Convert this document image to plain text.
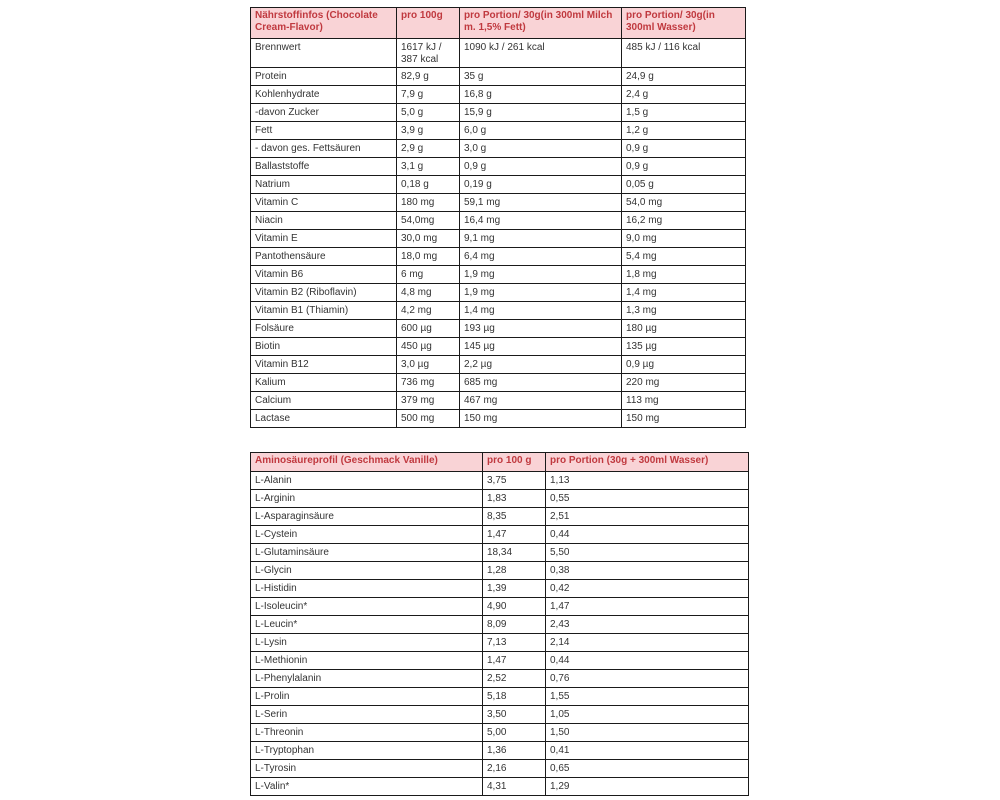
Nährstoffinfos (Chocolate Cream-Flavor)	pro 100g	pro Portion/ 30g(in 300ml Milch m. 1,5% Fett)	pro Portion/ 30g(in 300ml Wasser)
Brennwert	1617 kJ / 387 kcal	1090 kJ / 261 kcal	485 kJ / 116 kcal
Protein	82,9 g	35 g	24,9 g
Kohlenhydrate	7,9 g	16,8 g	2,4 g
-davon Zucker	5,0 g	15,9 g	1,5 g
Fett	3,9 g	6,0 g	1,2 g
- davon ges. Fettsäuren	2,9 g	3,0 g	0,9 g
Ballaststoffe	3,1 g	0,9 g	0,9 g
Natrium	0,18 g	0,19 g	0,05 g
Vitamin C	180 mg	59,1 mg	54,0 mg
Niacin	54,0mg	16,4 mg	16,2 mg
Vitamin E	30,0 mg	9,1 mg	9,0 mg
Pantothensäure	18,0 mg	6,4 mg	5,4 mg
Vitamin B6	6 mg	1,9 mg	1,8 mg
Vitamin B2 (Riboflavin)	4,8 mg	1,9 mg	1,4 mg
Vitamin B1 (Thiamin)	4,2 mg	1,4 mg	1,3 mg
Folsäure	600 µg	193 µg	180 µg
Biotin	450 µg	145 µg	135 µg
Vitamin B12	3,0 µg	2,2 µg	0,9 µg
Kalium	736 mg	685 mg	220 mg
Calcium	379 mg	467 mg	113 mg
Lactase	500 mg	150 mg	150 mg
Aminosäureprofil (Geschmack Vanille)	pro 100 g	pro Portion (30g + 300ml Wasser)
L-Alanin	3,75	1,13
L-Arginin	1,83	0,55
L-Asparaginsäure	8,35	2,51
L-Cystein	1,47	0,44
L-Glutaminsäure	18,34	5,50
L-Glycin	1,28	0,38
L-Histidin	1,39	0,42
L-Isoleucin*	4,90	1,47
L-Leucin*	8,09	2,43
L-Lysin	7,13	2,14
L-Methionin	1,47	0,44
L-Phenylalanin	2,52	0,76
L-Prolin	5,18	1,55
L-Serin	3,50	1,05
L-Threonin	5,00	1,50
L-Tryptophan	1,36	0,41
L-Tyrosin	2,16	0,65
L-Valin*	4,31	1,29
